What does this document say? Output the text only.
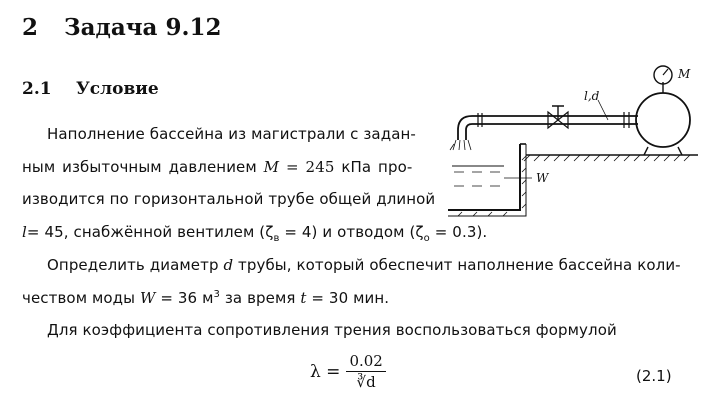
2 Задача 9.12
2.1 Условие
Наполнение бассейна из магистрали с задан-
ным избыточным давлением M = 245 кПа про-
изводится по горизонтальной трубе общей длиной
l= 45, снабжённой вентилем $(\zeta_в = 4)$ и отводом $(\zeta_о = 0.3)$.
Определить диаметр d трубы, который обеспечит наполнение бассейна коли-
чеством моды W = 36 $м^3$ за время t = 30 мин.
Для коэффициента сопротивления трения воспользоваться формулой
$\lambda = \frac{0.02}{∛d}$	(2.1)
M
l,d
W
